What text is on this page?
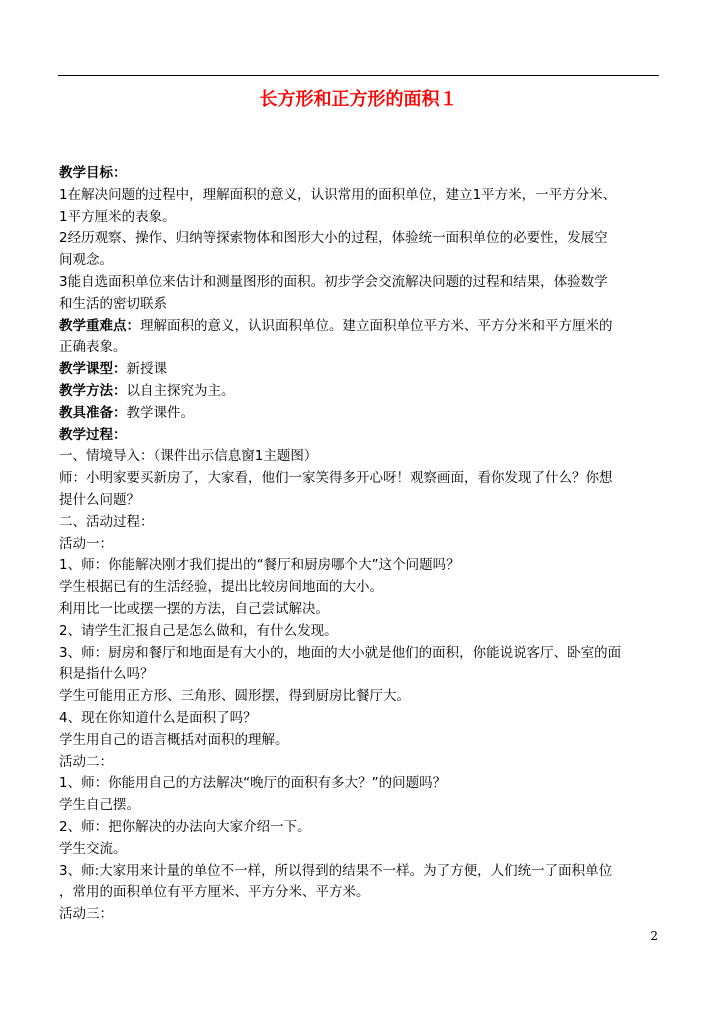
长方形和正方形的面积１
教学目标：
1在解决问题的过程中，理解面积的意义，认识常用的面积单位，建立1平方米，一平方分米、
1平方厘米的表象。
2经历观察、操作、归纳等探索物体和图形大小的过程，体验统一面积单位的必要性，发展空
间观念。
3能自选面积单位来估计和测量图形的面积。初步学会交流解决问题的过程和结果，体验数学
和生活的密切联系
教学重难点：理解面积的意义，认识面积单位。建立面积单位平方米、平方分米和平方厘米的
正确表象。
教学课型：新授课
教学方法：以自主探究为主。
教具准备：教学课件。
教学过程：
一、情境导入：（课件出示信息窗1主题图）
师：小明家要买新房了，大家看，他们一家笑得多开心呀！观察画面，看你发现了什么？你想
提什么问题？
二、活动过程：
活动一：
1、师：你能解决刚才我们提出的“餐厅和厨房哪个大”这个问题吗？
学生根据已有的生活经验，提出比较房间地面的大小。
利用比一比或摆一摆的方法，自己尝试解决。
2、请学生汇报自己是怎么做和，有什么发现。
3、师：厨房和餐厅和地面是有大小的，地面的大小就是他们的面积，你能说说客厅、卧室的面
积是指什么吗？
学生可能用正方形、三角形、圆形摆，得到厨房比餐厅大。
4、现在你知道什么是面积了吗？
学生用自己的语言概括对面积的理解。
活动二：
1、师：你能用自己的方法解决“晚厅的面积有多大？”的问题吗？
学生自己摆。
2、师：把你解决的办法向大家介绍一下。
学生交流。
3、师:大家用来计量的单位不一样，所以得到的结果不一样。为了方便，人们统一了面积单位
，常用的面积单位有平方厘米、平方分米、平方米。
活动三：
2
